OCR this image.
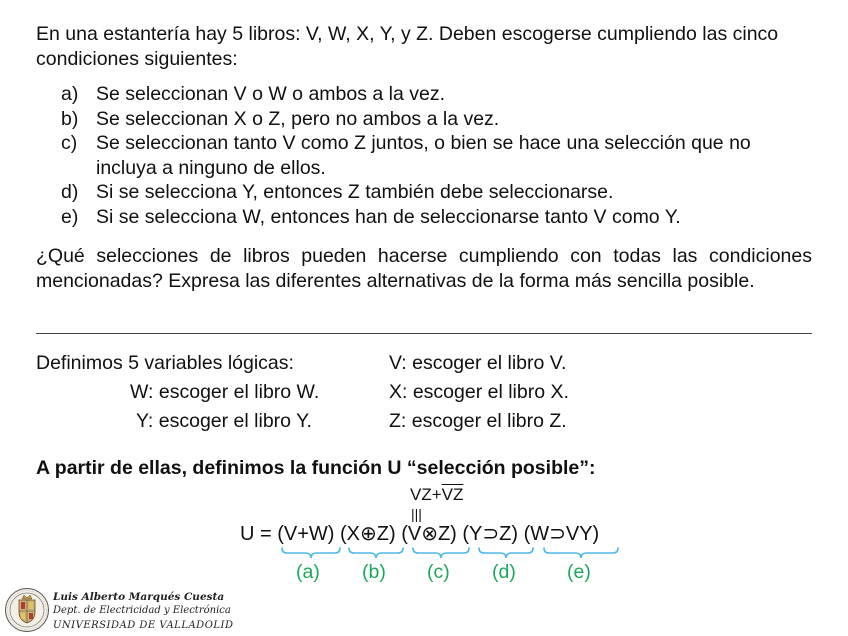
En una estantería hay 5 libros: V, W, X, Y, y Z. Deben escogerse cumpliendo las cinco condiciones siguientes:

a) Se seleccionan V o W o ambos a la vez.
b) Se seleccionan X o Z, pero no ambos a la vez.
c) Se seleccionan tanto V como Z juntos, o bien se hace una selección que no incluya a ninguno de ellos.
d) Si se selecciona Y, entonces Z también debe seleccionarse.
e) Si se selecciona W, entonces han de seleccionarse tanto V como Y.

¿Qué selecciones de libros pueden hacerse cumpliendo con todas las condiciones mencionadas? Expresa las diferentes alternativas de la forma más sencilla posible.

Definimos 5 variables lógicas:	V: escoger el libro V.
W: escoger el libro W.	X: escoger el libro X.
Y: escoger el libro Y.	Z: escoger el libro Z.
A partir de ellas, definimos la función U “selección posible”:
$VZ+\overline{V}\overline{Z}$
|||
U = (V+W) (X⊕Z) (V⊗Z) (Y⊃Z) (W⊃VY)
(a) (b) (c) (d)	(e)
Luis Alberto Marqués Cuesta
Dept. de Electricidad y Electrónica
UNIVERSIDAD DE VALLADOLID
